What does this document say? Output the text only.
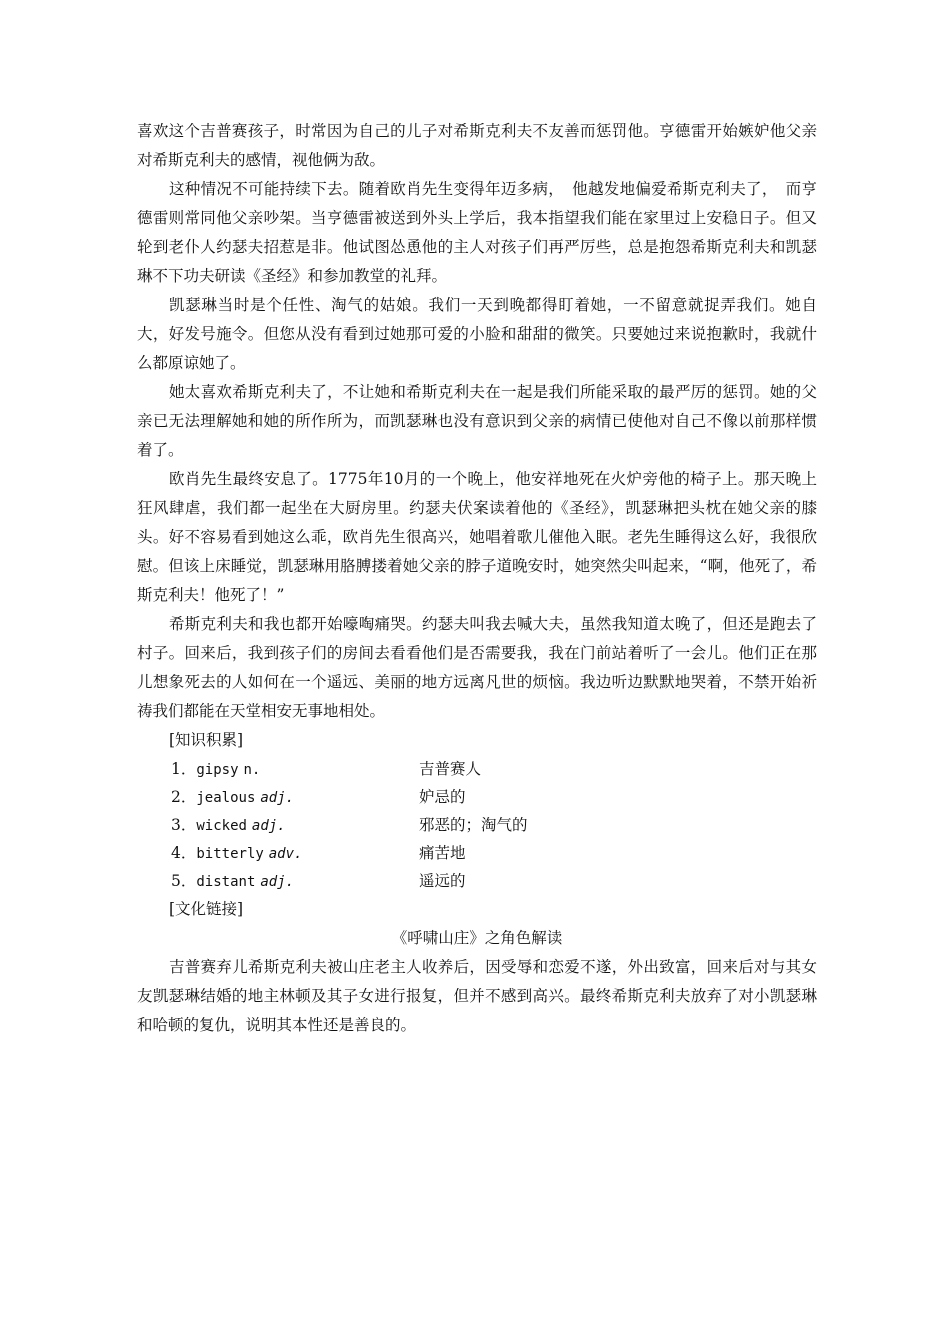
喜欢这个吉普赛孩子，时常因为自己的儿子对希斯克利夫不友善而惩罚他。亨德雷开始嫉妒他父亲对希斯克利夫的感情，视他俩为敌。

这种情况不可能持续下去。随着欧肖先生变得年迈多病，　他越发地偏爱希斯克利夫了，　而亨德雷则常同他父亲吵架。当亨德雷被送到外头上学后，我本指望我们能在家里过上安稳日子。但又轮到老仆人约瑟夫招惹是非。他试图怂恿他的主人对孩子们再严厉些，总是抱怨希斯克利夫和凯瑟琳不下功夫研读《圣经》和参加教堂的礼拜。

凯瑟琳当时是个任性、淘气的姑娘。我们一天到晚都得盯着她，一不留意就捉弄我们。她自大，好发号施令。但您从没有看到过她那可爱的小脸和甜甜的微笑。只要她过来说抱歉时，我就什么都原谅她了。

她太喜欢希斯克利夫了，不让她和希斯克利夫在一起是我们所能采取的最严厉的惩罚。她的父亲已无法理解她和她的所作所为，而凯瑟琳也没有意识到父亲的病情已使他对自己不像以前那样惯着了。

欧肖先生最终安息了。1775年10月的一个晚上，他安祥地死在火炉旁他的椅子上。那天晚上狂风肆虐，我们都一起坐在大厨房里。约瑟夫伏案读着他的《圣经》，凯瑟琳把头枕在她父亲的膝头。好不容易看到她这么乖，欧肖先生很高兴，她唱着歌儿催他入眠。老先生睡得这么好，我很欣慰。但该上床睡觉，凯瑟琳用胳膊搂着她父亲的脖子道晚安时，她突然尖叫起来，“啊，他死了，希斯克利夫！他死了！”

希斯克利夫和我也都开始嚎啕痛哭。约瑟夫叫我去喊大夫，虽然我知道太晚了，但还是跑去了村子。回来后，我到孩子们的房间去看看他们是否需要我，我在门前站着听了一会儿。他们正在那儿想象死去的人如何在一个遥远、美丽的地方远离凡世的烦恼。我边听边默默地哭着，不禁开始祈祷我们都能在天堂相安无事地相处。

[知识积累]

1．gipsy n.	吉普赛人
2．jealous adj.	妒忌的
3．wicked adj.	邪恶的；淘气的
4．bitterly adv.	痛苦地
5．distant adj.	遥远的

[文化链接]

《呼啸山庄》之角色解读

吉普赛弃儿希斯克利夫被山庄老主人收养后，因受辱和恋爱不遂，外出致富，回来后对与其女友凯瑟琳结婚的地主林顿及其子女进行报复，但并不感到高兴。最终希斯克利夫放弃了对小凯瑟琳和哈顿的复仇，说明其本性还是善良的。
